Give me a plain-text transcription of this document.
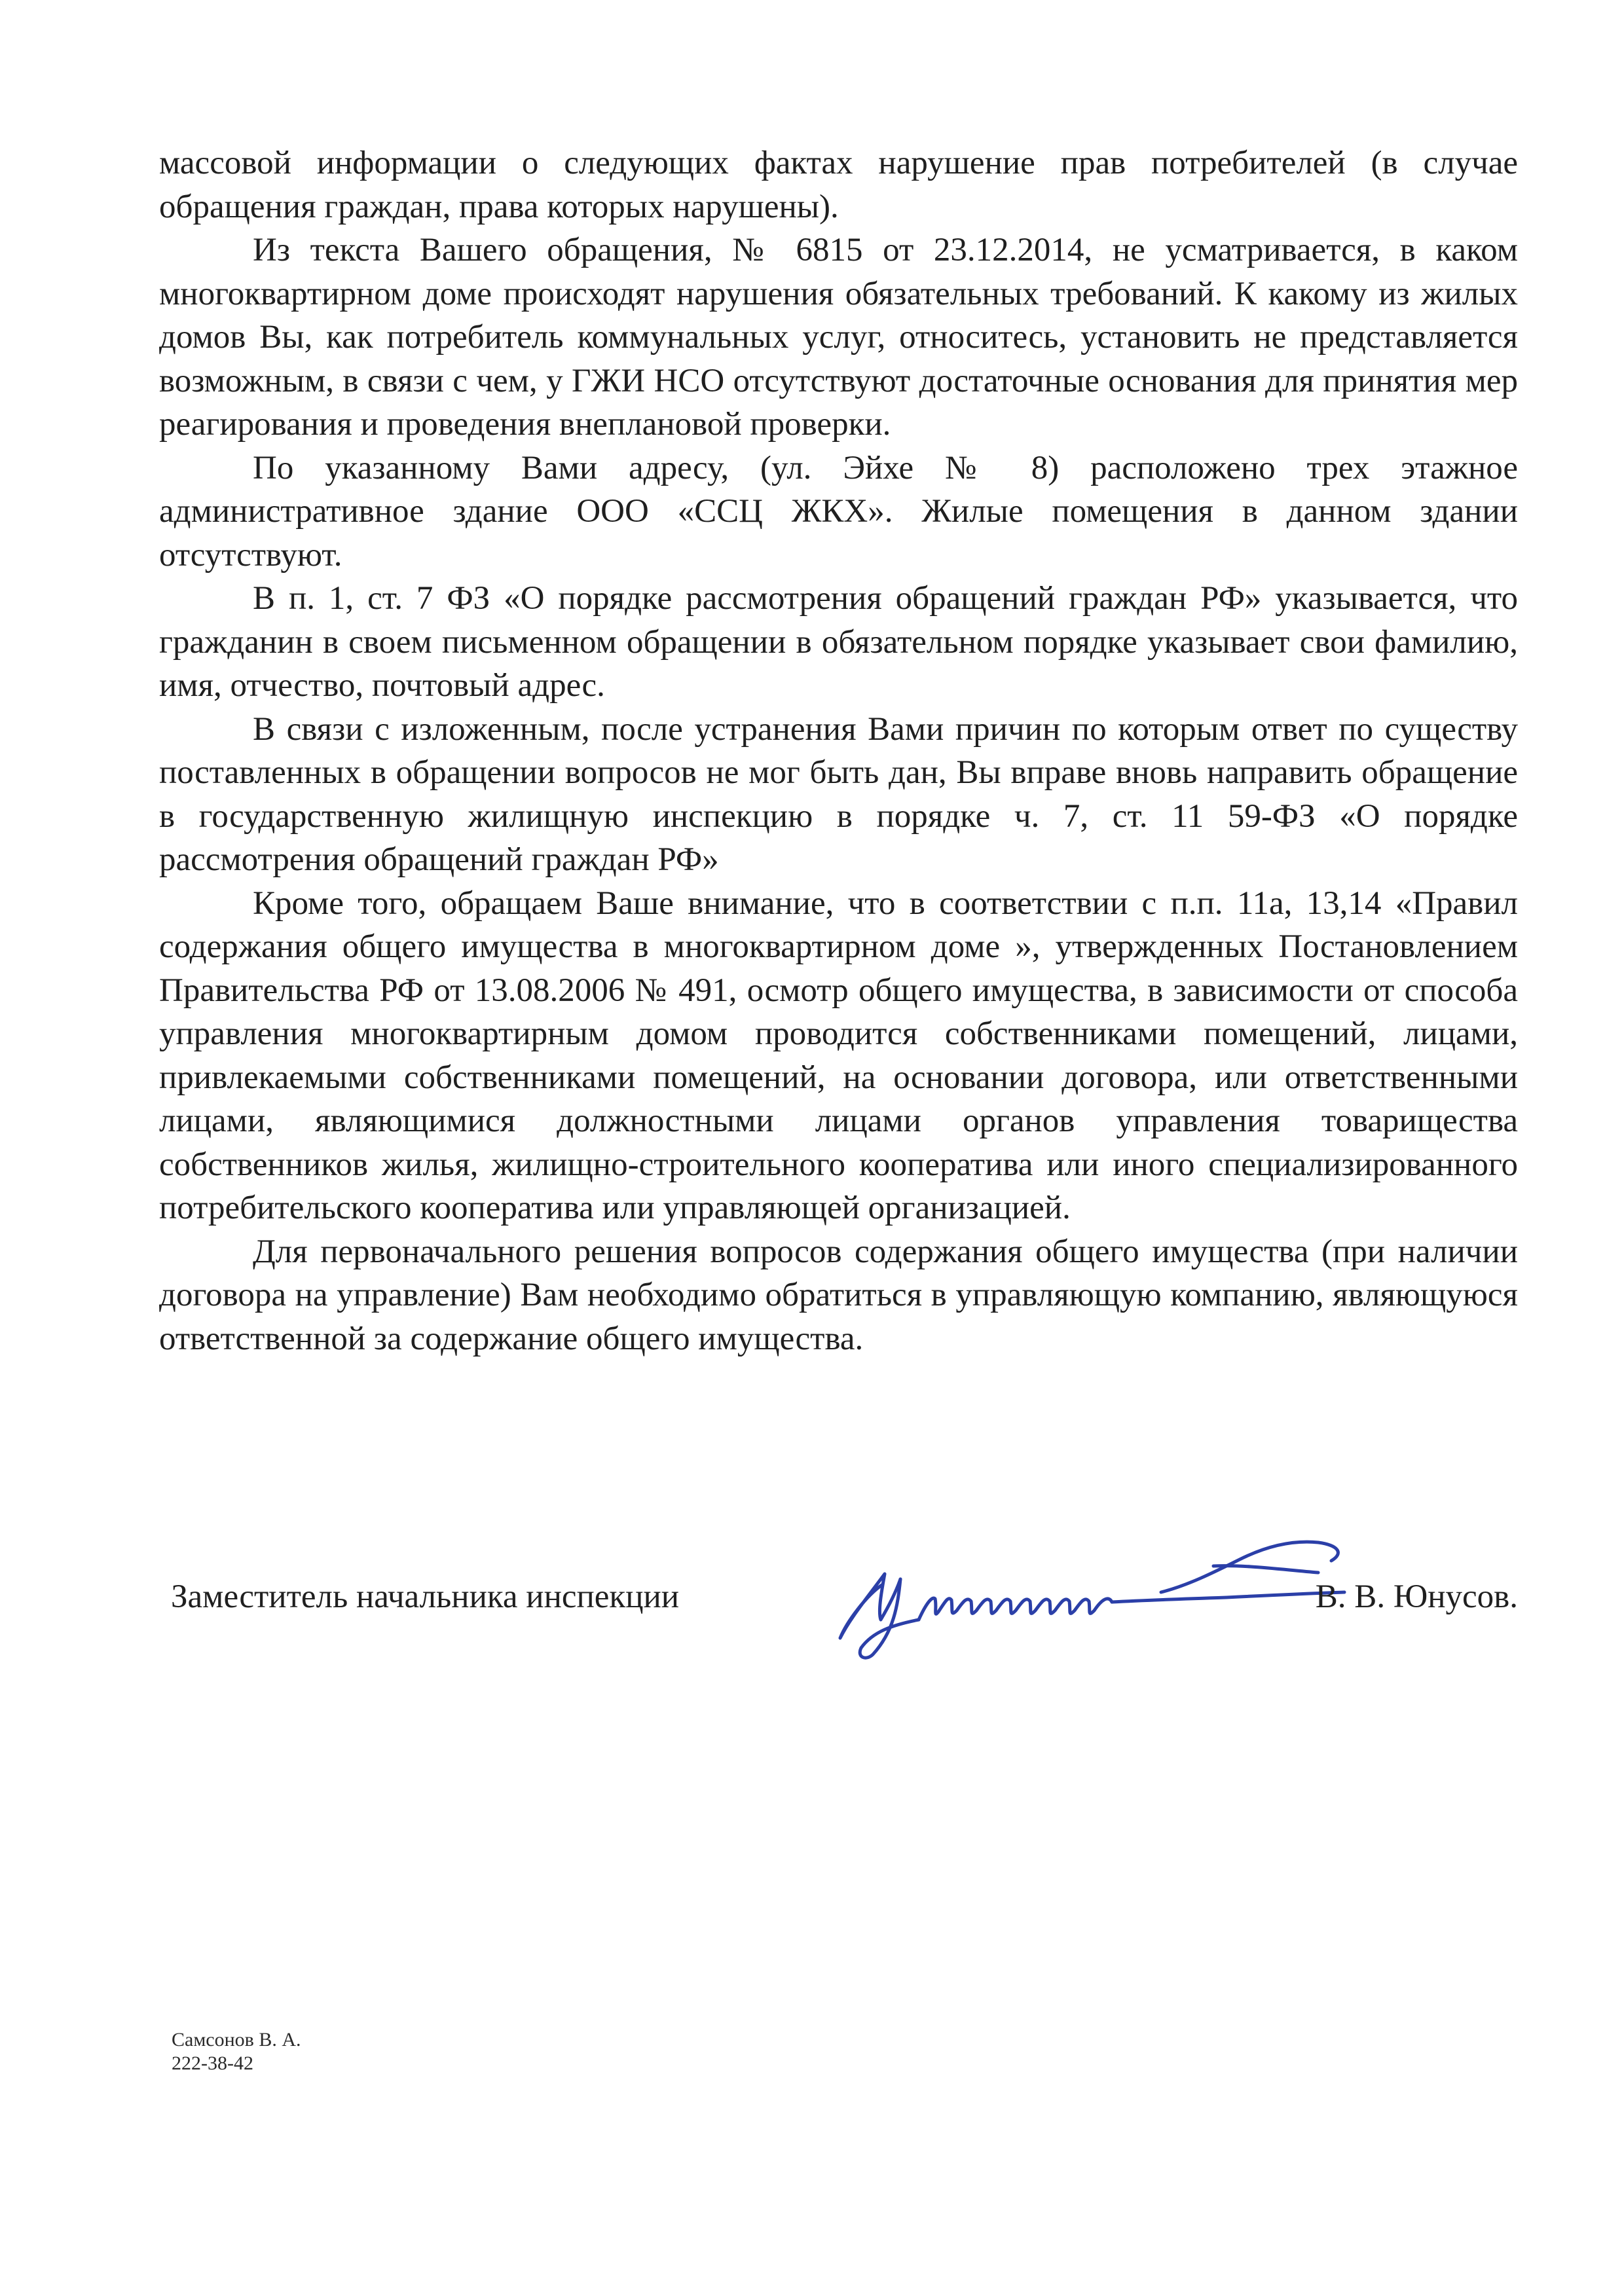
массовой информации о следующих фактах нарушение прав потребителей (в случае обращения граждан, права которых нарушены).

Из текста Вашего обращения, № 6815 от 23.12.2014, не усматривается, в каком многоквартирном доме происходят нарушения обязательных требований. К какому из жилых домов Вы, как потребитель коммунальных услуг, относитесь, установить не представляется возможным, в связи с чем, у ГЖИ НСО отсутствуют достаточные основания для принятия мер реагирования и проведения внеплановой проверки.

По указанному Вами адресу, (ул. Эйхе № 8) расположено трех этажное административное здание ООО «ССЦ ЖКХ». Жилые помещения в данном здании отсутствуют.

В п. 1, ст. 7 ФЗ «О порядке рассмотрения обращений граждан РФ» указывается, что гражданин в своем письменном обращении в обязательном порядке указывает свои фамилию, имя, отчество, почтовый адрес.

В связи с изложенным, после устранения Вами причин по которым ответ по существу поставленных в обращении вопросов не мог быть дан, Вы вправе вновь направить обращение в государственную жилищную инспекцию в порядке ч. 7, ст. 11 59-ФЗ «О порядке рассмотрения обращений граждан РФ»

Кроме того, обращаем Ваше внимание, что в соответствии с п.п. 11а, 13,14 «Правил содержания общего имущества в многоквартирном доме », утвержденных Постановлением Правительства РФ от 13.08.2006 № 491, осмотр общего имущества, в зависимости от способа управления многоквартирным домом проводится собственниками помещений, лицами, привлекаемыми собственниками помещений, на основании договора, или ответственными лицами, являющимися должностными лицами органов управления товарищества собственников жилья, жилищно-строительного кооператива или иного специализированного потребительского кооператива или управляющей организацией.

Для первоначального решения вопросов содержания общего имущества (при наличии договора на управление) Вам необходимо обратиться в управляющую компанию, являющуюся ответственной за содержание общего имущества.

Заместитель начальника инспекции	В. В. Юнусов.
Самсонов В. А.
222-38-42
